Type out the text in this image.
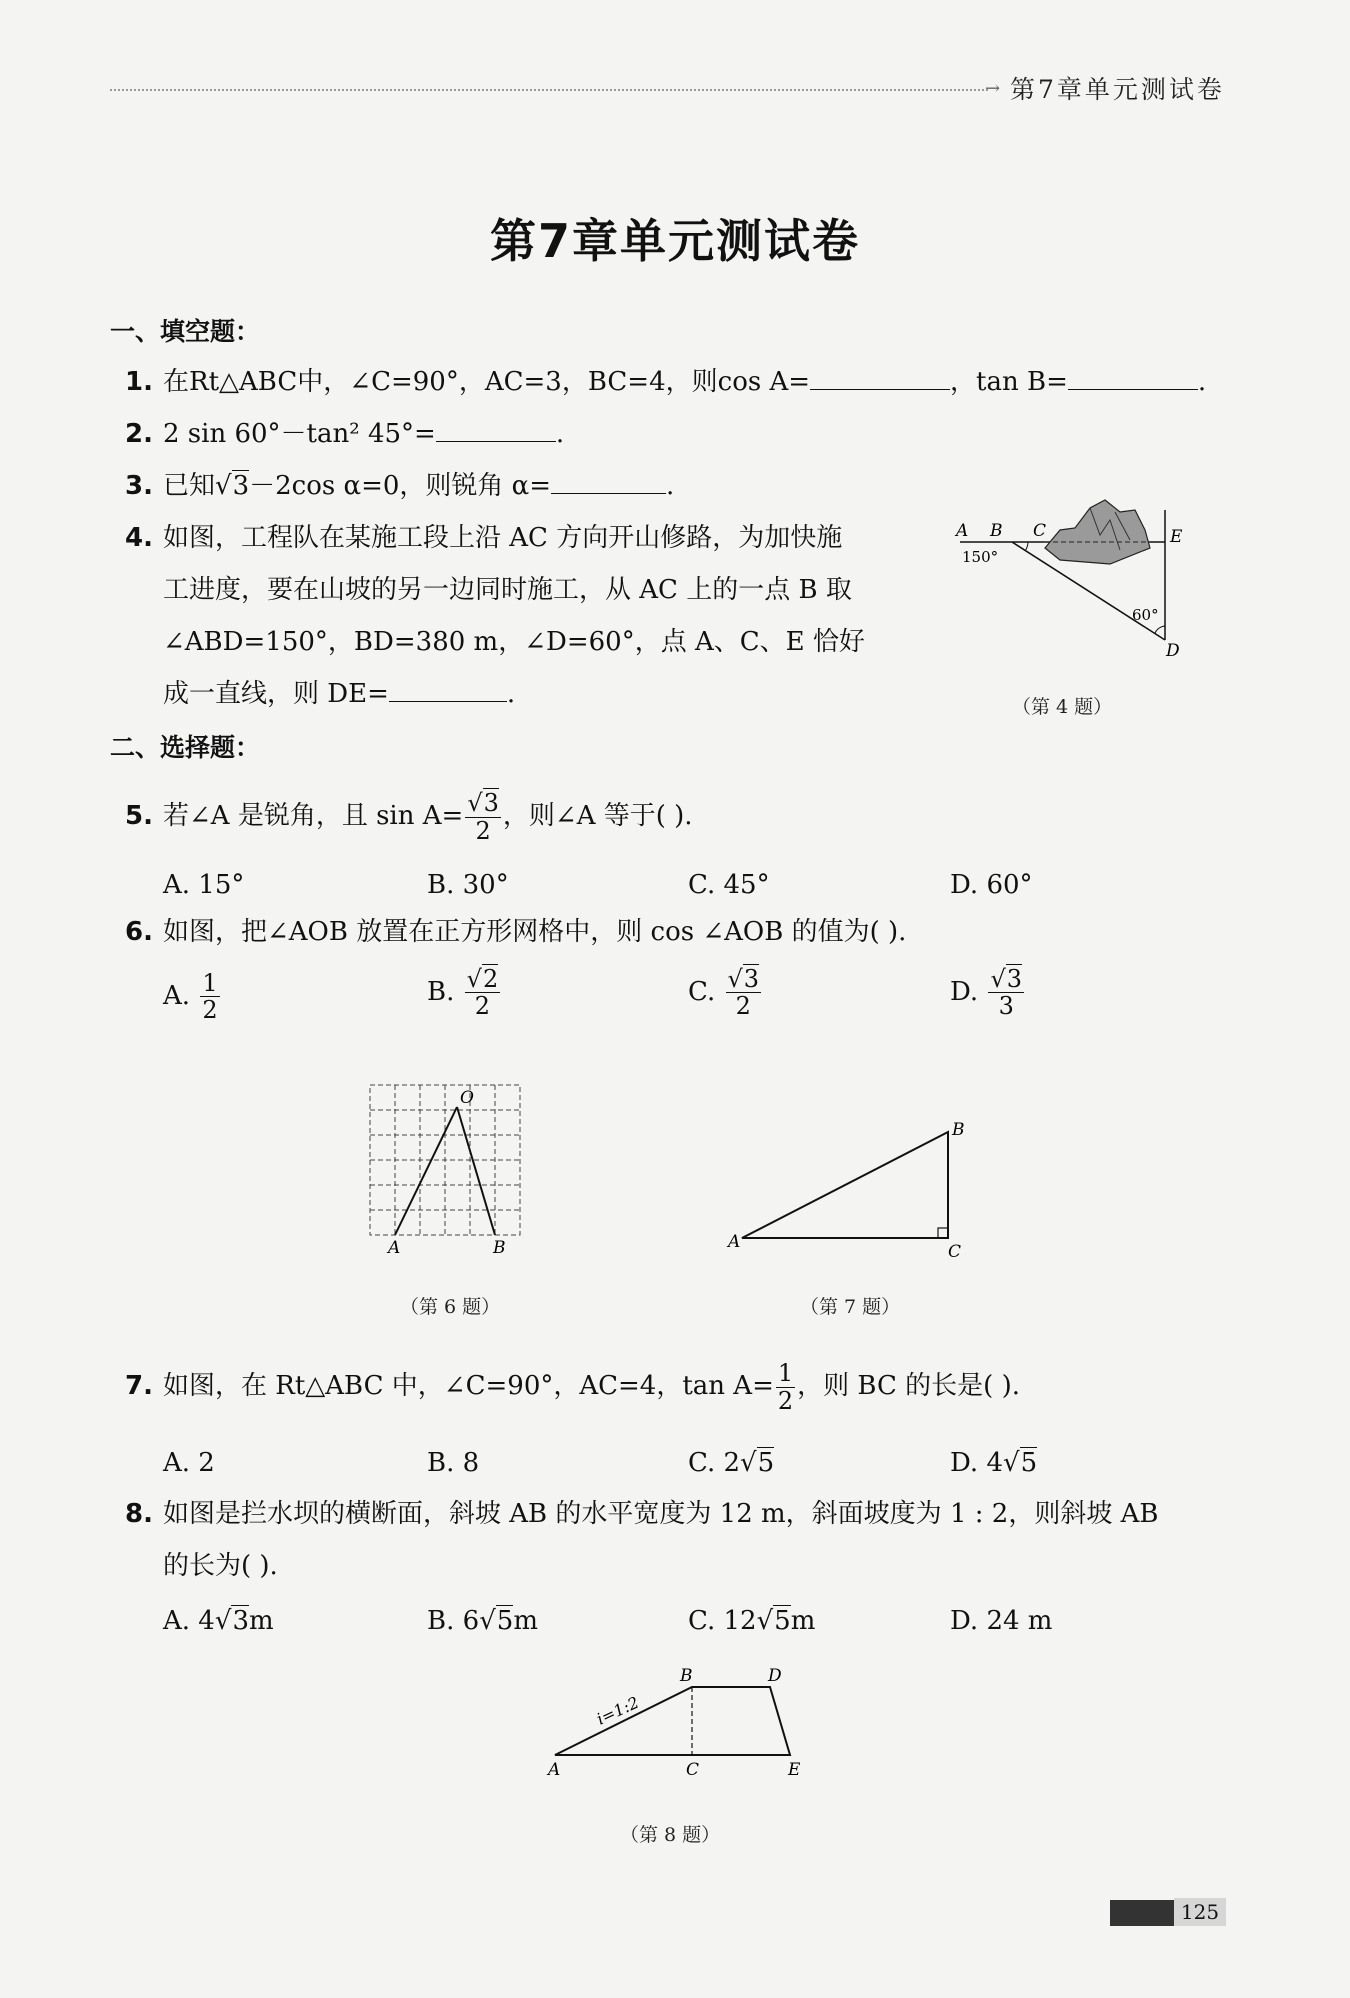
→ 第7章单元测试卷
第7章单元测试卷
一、填空题：
1. 在Rt△ABC中，∠C=90°，AC=3，BC=4，则cos A=	，tan B=	.
2. 2 sin 60°－tan² 45°=	.
3. 已知√3－2cos α=0，则锐角 α=	.
4. 如图，工程队在某施工段上沿 AC 方向开山修路，为加快施
工进度，要在山坡的另一边同时施工，从 AC 上的一点 B 取
∠ABD=150°，BD=380 m，∠D=60°，点 A、C、E 恰好
成一直线，则 DE=	.
A B C	E
D
150°
60°
（第 4 题）
二、选择题：
5. 若∠A 是锐角，且 $\sin A= \frac{√3}{2}$ ，则∠A 等于( ).
A. 15°	B. 30°	C. 45°	D. 60°
6. 如图，把∠AOB 放置在正方形网格中，则 cos ∠AOB 的值为( ).
A. $\frac{1}{2}$	B. $\frac{√2}{2}$	C. $\frac{√3}{2}$	D. $\frac{√3}{3}$
O
A	B
（第 6 题）
A
B
C
（第 7 题）
7. 如图，在 Rt△ABC 中，∠C=90°，AC=4，$\tan A= \frac{1}{2}$ ，则 BC 的长是( ).
A. 2	B. 8	C. 2√5	D. 4√5
8. 如图是拦水坝的横断面，斜坡 AB 的水平宽度为 12 m，斜面坡度为 1 : 2，则斜坡 AB
的长为( ).
A. 4√3m	B. 6√5m	C. 12√5m	D. 24 m
i=1:2
A
B
C
D
E
（第 8 题）
125
